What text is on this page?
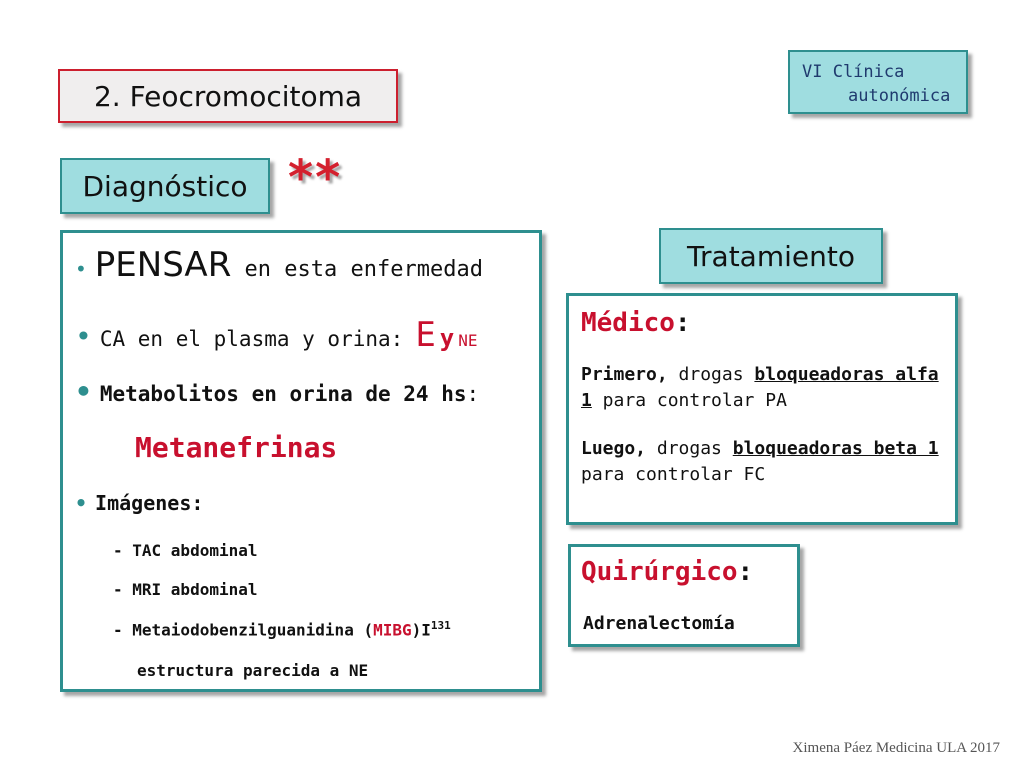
2. Feocromocitoma
VI Clínica
autonómica
Diagnóstico **
• PENSAR en esta enfermedad
• CA en el plasma y orina: E y NE
• Metabolitos en orina de 24 hs:
Metanefrinas
• Imágenes:
- TAC abdominal
- MRI abdominal
- Metaiodobenzilguanidina $(MIBG)I^{131}$
estructura parecida a NE
Tratamiento
Médico:
Primero, drogas bloqueadoras alfa 1 para controlar PA
Luego, drogas bloqueadoras beta 1 para controlar FC
Quirúrgico:
Adrenalectomía
Ximena Páez Medicina ULA 2017
